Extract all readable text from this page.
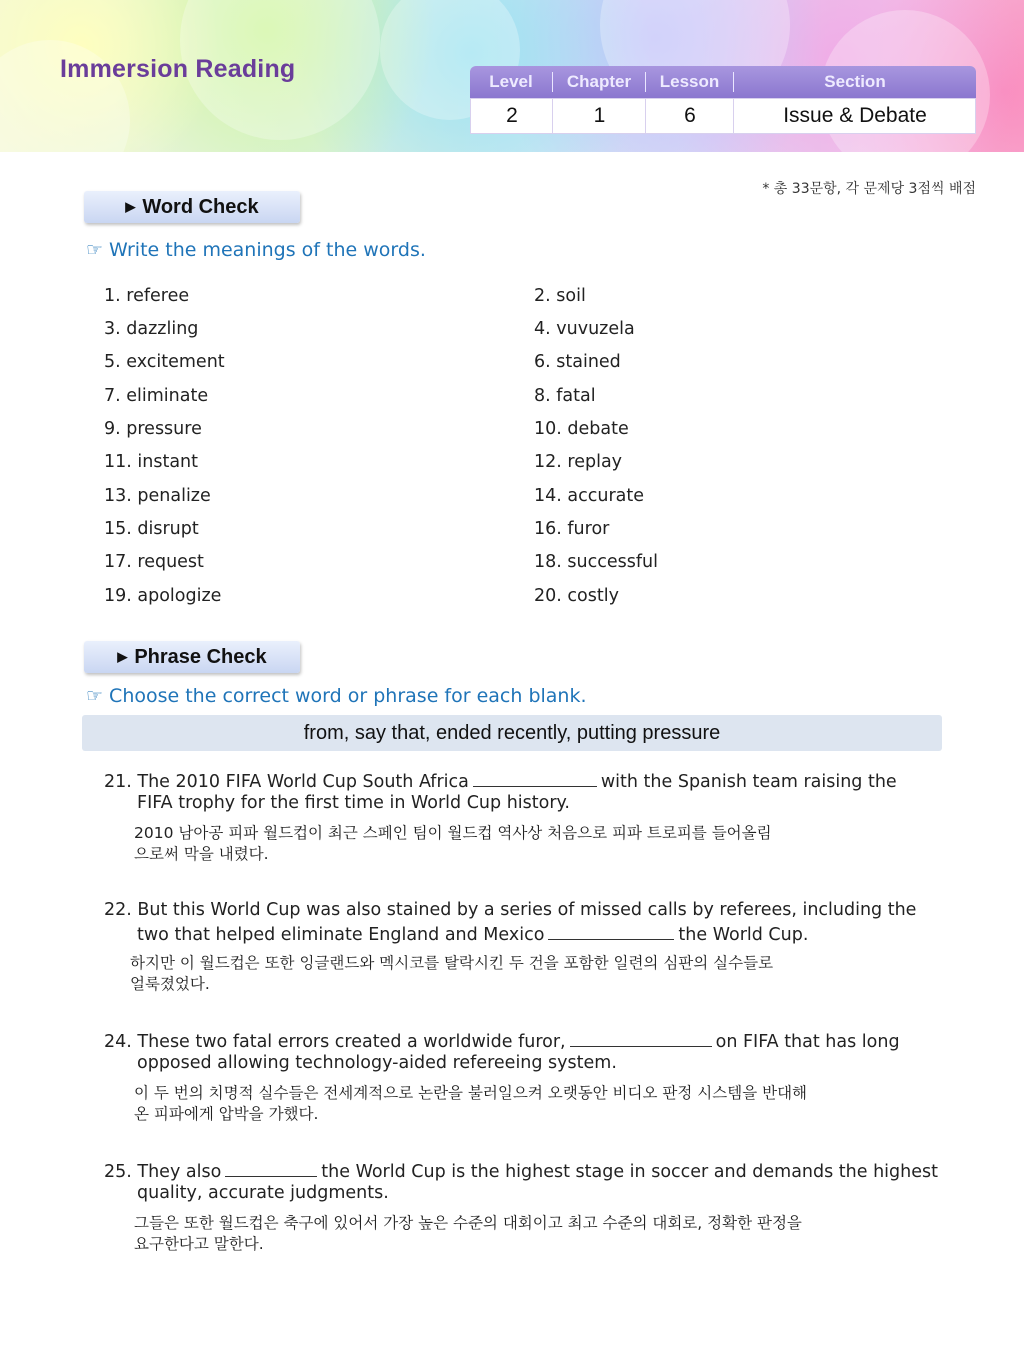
Immersion Reading	Level	Chapter	Lesson	Section
2	1	6	Issue & Debate
* 총 33문항, 각 문제당 3점씩 배점
▶ Word Check
☞ Write the meanings of the words.
1. referee	2. soil
3. dazzling	4. vuvuzela
5. excitement	6. stained
7. eliminate	8. fatal
9. pressure	10. debate
11. instant	12. replay
13. penalize	14. accurate
15. disrupt	16. furor
17. request	18. successful
19. apologize	20. costly
▶ Phrase Check
☞ Choose the correct word or phrase for each blank.
from, say that, ended recently, putting pressure
21. The 2010 FIFA World Cup South Africa	with the Spanish team raising the
FIFA trophy for the first time in World Cup history.
2010 남아공 피파 월드컵이 최근 스페인 팀이 월드컵 역사상 처음으로 피파 트로피를 들어올림
으로써 막을 내렸다.
22. But this World Cup was also stained by a series of missed calls by referees, including the
two that helped eliminate England and Mexico	the World Cup.
하지만 이 월드컵은 또한 잉글랜드와 멕시코를 탈락시킨 두 건을 포함한 일련의 심판의 실수들로
얼룩졌었다.
24. These two fatal errors created a worldwide furor,	on FIFA that has long
opposed allowing technology-aided refereeing system.
이 두 번의 치명적 실수들은 전세계적으로 논란을 불러일으켜 오랫동안 비디오 판정 시스템을 반대해
온 피파에게 압박을 가했다.
25. They also	the World Cup is the highest stage in soccer and demands the highest
quality, accurate judgments.
그들은 또한 월드컵은 축구에 있어서 가장 높은 수준의 대회이고 최고 수준의 대회로, 정확한 판정을
요구한다고 말한다.
